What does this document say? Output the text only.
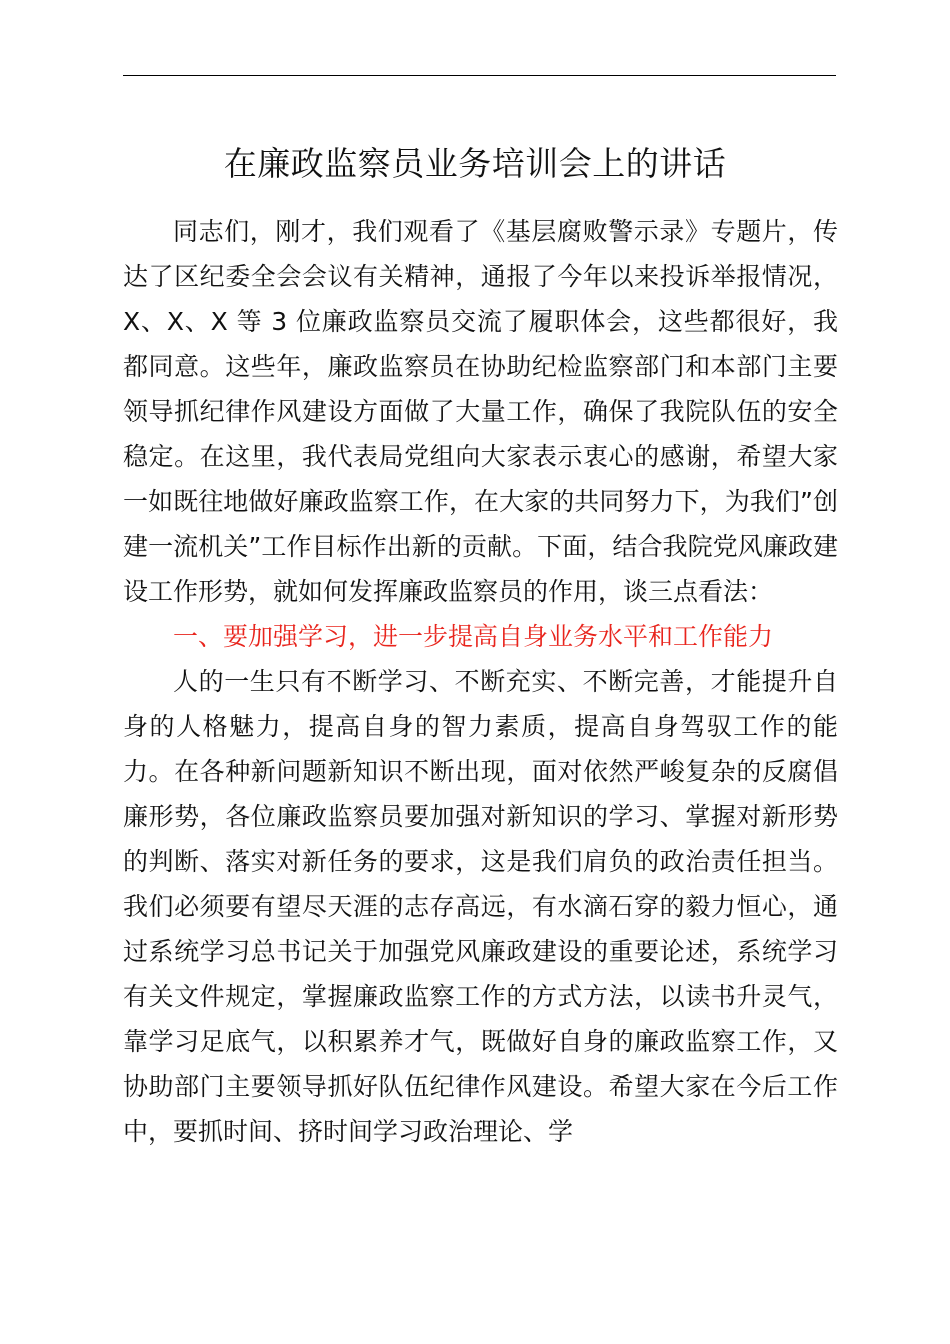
在廉政监察员业务培训会上的讲话

同志们，刚才，我们观看了《基层腐败警示录》专题片，传达了区纪委全会会议有关精神，通报了今年以来投诉举报情况，X、X、X 等 3 位廉政监察员交流了履职体会，这些都很好，我都同意。这些年，廉政监察员在协助纪检监察部门和本部门主要领导抓纪律作风建设方面做了大量工作，确保了我院队伍的安全稳定。在这里，我代表局党组向大家表示衷心的感谢，希望大家一如既往地做好廉政监察工作，在大家的共同努力下，为我们”创建一流机关”工作目标作出新的贡献。下面，结合我院党风廉政建设工作形势，就如何发挥廉政监察员的作用，谈三点看法：

一、要加强学习，进一步提高自身业务水平和工作能力

人的一生只有不断学习、不断充实、不断完善，才能提升自身的人格魅力，提高自身的智力素质，提高自身驾驭工作的能力。在各种新问题新知识不断出现，面对依然严峻复杂的反腐倡廉形势，各位廉政监察员要加强对新知识的学习、掌握对新形势的判断、落实对新任务的要求，这是我们肩负的政治责任担当。我们必须要有望尽天涯的志存高远，有水滴石穿的毅力恒心，通过系统学习总书记关于加强党风廉政建设的重要论述，系统学习有关文件规定，掌握廉政监察工作的方式方法，以读书升灵气，靠学习足底气，以积累养才气，既做好自身的廉政监察工作，又协助部门主要领导抓好队伍纪律作风建设。希望大家在今后工作中，要抓时间、挤时间学习政治理论、学
